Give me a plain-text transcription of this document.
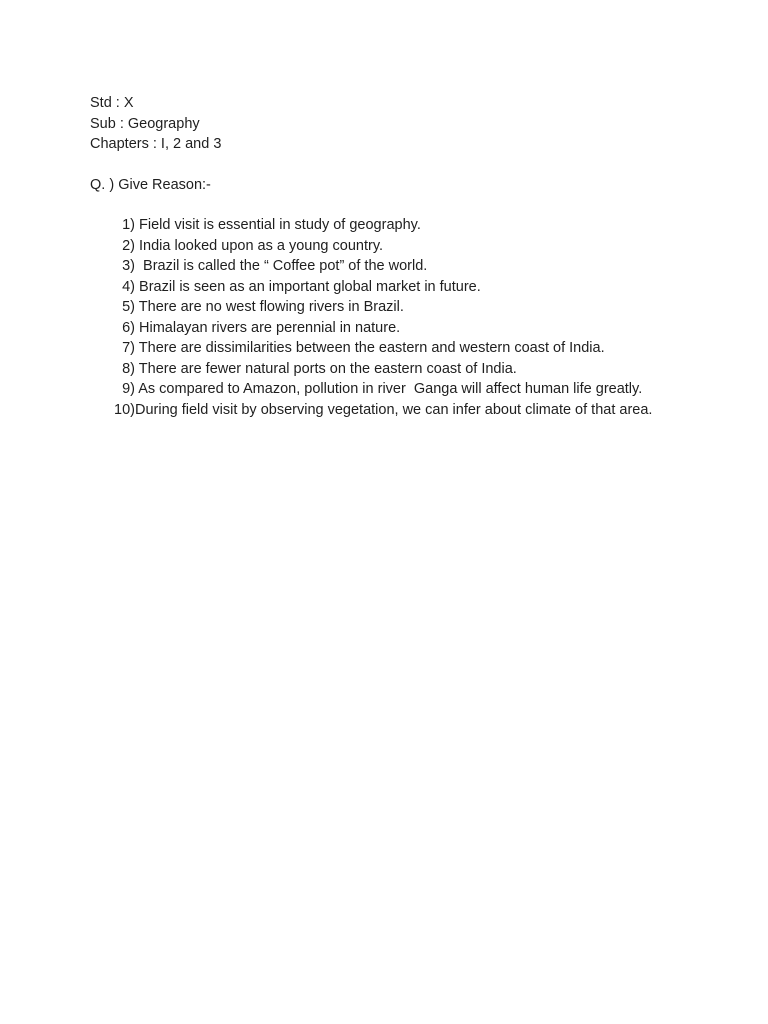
Std : X
Sub : Geography
Chapters : I, 2 and 3
Q. ) Give Reason:-
1) Field visit is essential in study of geography.
2) India looked upon as a young country.
3) Brazil is called the “ Coffee pot” of the world.
4) Brazil is seen as an important global market in future.
5) There are no west flowing rivers in Brazil.
6) Himalayan rivers are perennial in nature.
7) There are dissimilarities between the eastern and western coast of India.
8) There are fewer natural ports on the eastern coast of India.
9) As compared to Amazon, pollution in river  Ganga will affect human life greatly.
10) During field visit by observing vegetation, we can infer about climate of that area.
